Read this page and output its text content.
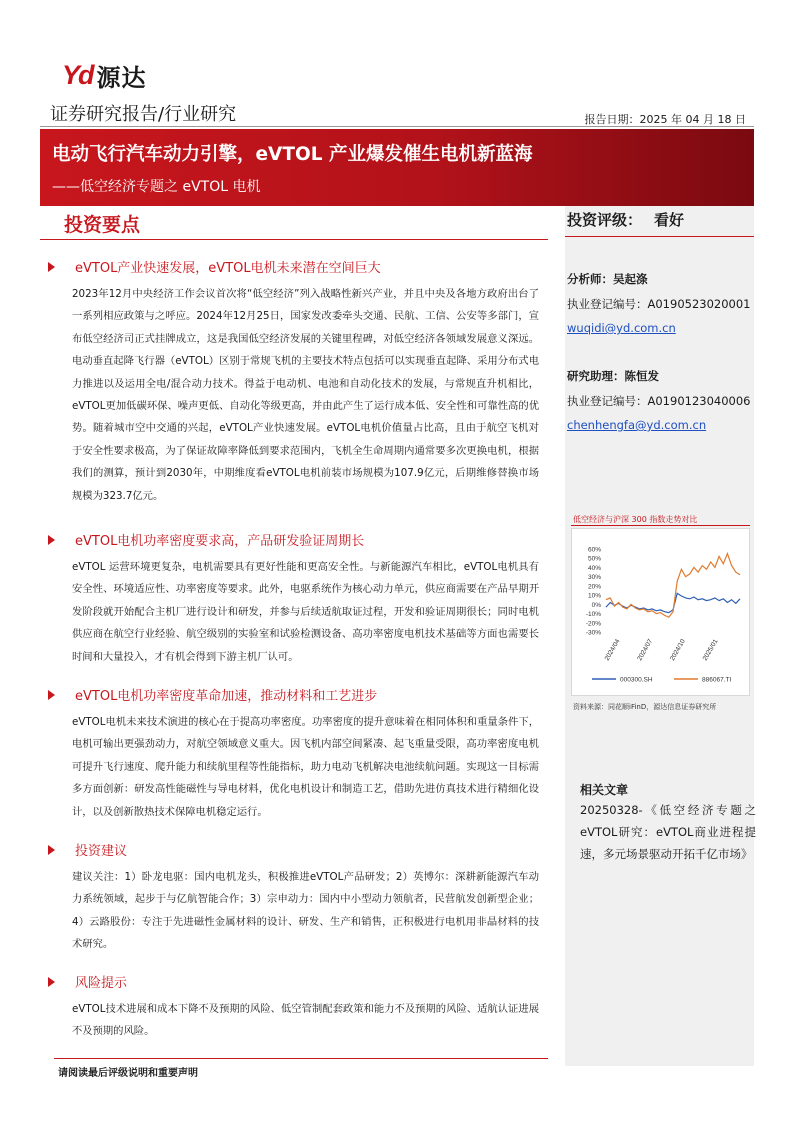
Yd 源达
证券研究报告/行业研究	报告日期：2025 年 04 月 18 日
电动飞行汽车动力引擎，eVTOL 产业爆发催生电机新蓝海
——低空经济专题之 eVTOL 电机
投资要点
eVTOL产业快速发展，eVTOL电机未来潜在空间巨大
2023年12月中央经济工作会议首次将“低空经济”列入战略性新兴产业，并且中央及各地方政府出台了一系列相应政策与之呼应。2024年12月25日，国家发改委牵头交通、民航、工信、公安等多部门，宣布低空经济司正式挂牌成立，这是我国低空经济发展的关键里程碑，对低空经济各领域发展意义深远。电动垂直起降飞行器（eVTOL）区别于常规飞机的主要技术特点包括可以实现垂直起降、采用分布式电力推进以及运用全电/混合动力技术。得益于电动机、电池和自动化技术的发展，与常规直升机相比，eVTOL更加低碳环保、噪声更低、自动化等级更高，并由此产生了运行成本低、安全性和可靠性高的优势。随着城市空中交通的兴起，eVTOL产业快速发展。eVTOL电机价值量占比高，且由于航空飞机对于安全性要求极高，为了保证故障率降低到要求范围内，飞机全生命周期内通常要多次更换电机，根据我们的测算，预计到2030年，中期维度看eVTOL电机前装市场规模为107.9亿元，后期维修替换市场规模为323.7亿元。
eVTOL电机功率密度要求高，产品研发验证周期长
eVTOL 运营环境更复杂，电机需要具有更好性能和更高安全性。与新能源汽车相比，eVTOL电机具有安全性、环境适应性、功率密度等要求。此外，电驱系统作为核心动力单元，供应商需要在产品早期开发阶段就开始配合主机厂进行设计和研发，并参与后续适航取证过程，开发和验证周期很长；同时电机供应商在航空行业经验、航空级别的实验室和试验检测设备、高功率密度电机技术基础等方面也需要长时间和大量投入，才有机会得到下游主机厂认可。
eVTOL电机功率密度革命加速，推动材料和工艺进步
eVTOL电机未来技术演进的核心在于提高功率密度。功率密度的提升意味着在相同体积和重量条件下，电机可输出更强劲动力，对航空领域意义重大。因飞机内部空间紧凑、起飞重量受限，高功率密度电机可提升飞行速度、爬升能力和续航里程等性能指标，助力电动飞机解决电池续航问题。实现这一目标需多方面创新：研发高性能磁性与导电材料，优化电机设计和制造工艺，借助先进仿真技术进行精细化设计，以及创新散热技术保障电机稳定运行。
投资建议
建议关注：1）卧龙电驱：国内电机龙头，积极推进eVTOL产品研发；2）英博尔：深耕新能源汽车动力系统领域，起步于与亿航智能合作；3）宗申动力：国内中小型动力领航者，民营航发创新型企业；4）云路股份：专注于先进磁性金属材料的设计、研发、生产和销售，正积极进行电机用非晶材料的技术研究。
风险提示
eVTOL技术进展和成本下降不及预期的风险、低空管制配套政策和能力不及预期的风险、适航认证进展不及预期的风险。
投资评级： 看好
分析师：吴起涤
执业登记编号：A0190523020001
wuqidi@yd.com.cn
研究助理：陈恒发
执业登记编号：A0190123040006
chenhengfa@yd.com.cn
低空经济与沪深 300 指数走势对比
60%
50%
40%
30%
20%
10%
0%
-10%
-20%
-30%
2024/04 2024/07 2024/10 2025/01
000300.SH	886067.TI
资料来源：同花顺iFinD，源达信息证券研究所
相关文章
20250328-《低空经济专题之eVTOL研究：eVTOL商业进程提速，多元场景驱动开拓千亿市场》
请阅读最后评级说明和重要声明
